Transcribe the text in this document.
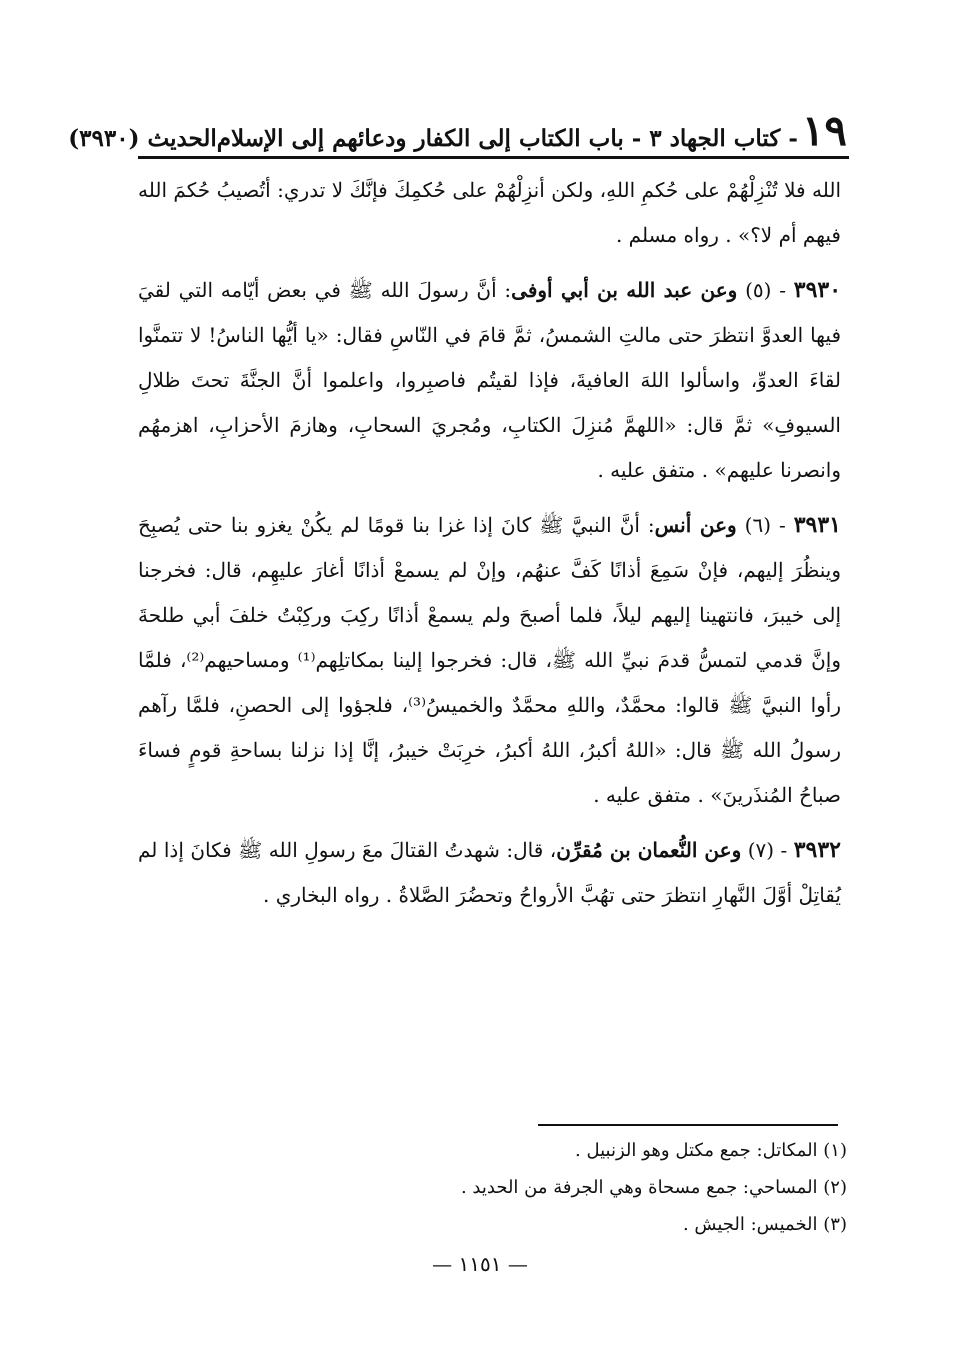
١٩
- كتاب الجهاد ٣ - باب الكتاب إلى الكفار ودعائهم إلى الإسلام
الحديث (٣٩٣٠)

الله فلا تُنْزِلْهُمْ على حُكمِ اللهِ، ولكن أنزِلْهُمْ على حُكمِكَ فإنَّكَ لا تدري: أتُصيبُ حُكمَ الله فيهم أم لا؟» . رواه مسلم .

٣٩٣٠ - (٥) وعن عبد الله بن أبي أوفى: أنَّ رسولَ الله ﷺ في بعض أيّامه التي لقيَ فيها العدوَّ انتظرَ حتى مالتِ الشمسُ، ثمَّ قامَ في النّاسِ فقال: «يا أيُّها الناسُ! لا تتمنَّوا لقاءَ العدوِّ، واسألوا اللهَ العافيةَ، فإذا لقيتُم فاصبِروا، واعلموا أنَّ الجنَّةَ تحتَ ظلالِ السيوفِ» ثمَّ قال: «اللهمَّ مُنزِلَ الكتابِ، ومُجريَ السحابِ، وهازمَ الأحزابِ، اهزمهُم وانصرنا عليهم» . متفق عليه .

٣٩٣١ - (٦) وعن أنس: أنَّ النبيَّ ﷺ كانَ إذا غزا بنا قومًا لم يكُنْ يغزو بنا حتى يُصبِحَ وينظُرَ إليهم، فإنْ سَمِعَ أذانًا كَفَّ عنهُم، وإنْ لم يسمعْ أذانًا أغارَ عليهِم، قال: فخرجنا إلى خيبرَ، فانتهينا إليهم ليلاً، فلما أصبحَ ولم يسمعْ أذانًا ركِبَ وركِبْتُ خلفَ أبي طلحةَ وإنَّ قدمي لتمسُّ قدمَ نبيِّ الله ﷺ، قال: فخرجوا إلينا بمكاتلِهم⁽¹⁾ ومساحيهم⁽²⁾، فلمَّا رأوا النبيَّ ﷺ قالوا: محمَّدٌ، واللهِ محمَّدٌ والخميسُ⁽³⁾، فلجؤوا إلى الحصنِ، فلمَّا رآهم رسولُ الله ﷺ قال: «اللهُ أكبرُ، اللهُ أكبرُ، خرِبَتْ خيبرُ، إنَّا إذا نزلنا بساحةِ قومٍ فساءَ صباحُ المُنذَرينَ» . متفق عليه .

٣٩٣٢ - (٧) وعن النُّعمان بن مُقرِّن، قال: شهدتُ القتالَ معَ رسولِ الله ﷺ فكانَ إذا لم يُقاتِلْ أوَّلَ النَّهارِ انتظرَ حتى تهُبَّ الأرواحُ وتحضُرَ الصَّلاةُ . رواه البخاري .

(١) المكاتل: جمع مكتل وهو الزنبيل .
(٢) المساحي: جمع مسحاة وهي الجرفة من الحديد .
(٣) الخميس: الجيش .
— ١١٥١ —
